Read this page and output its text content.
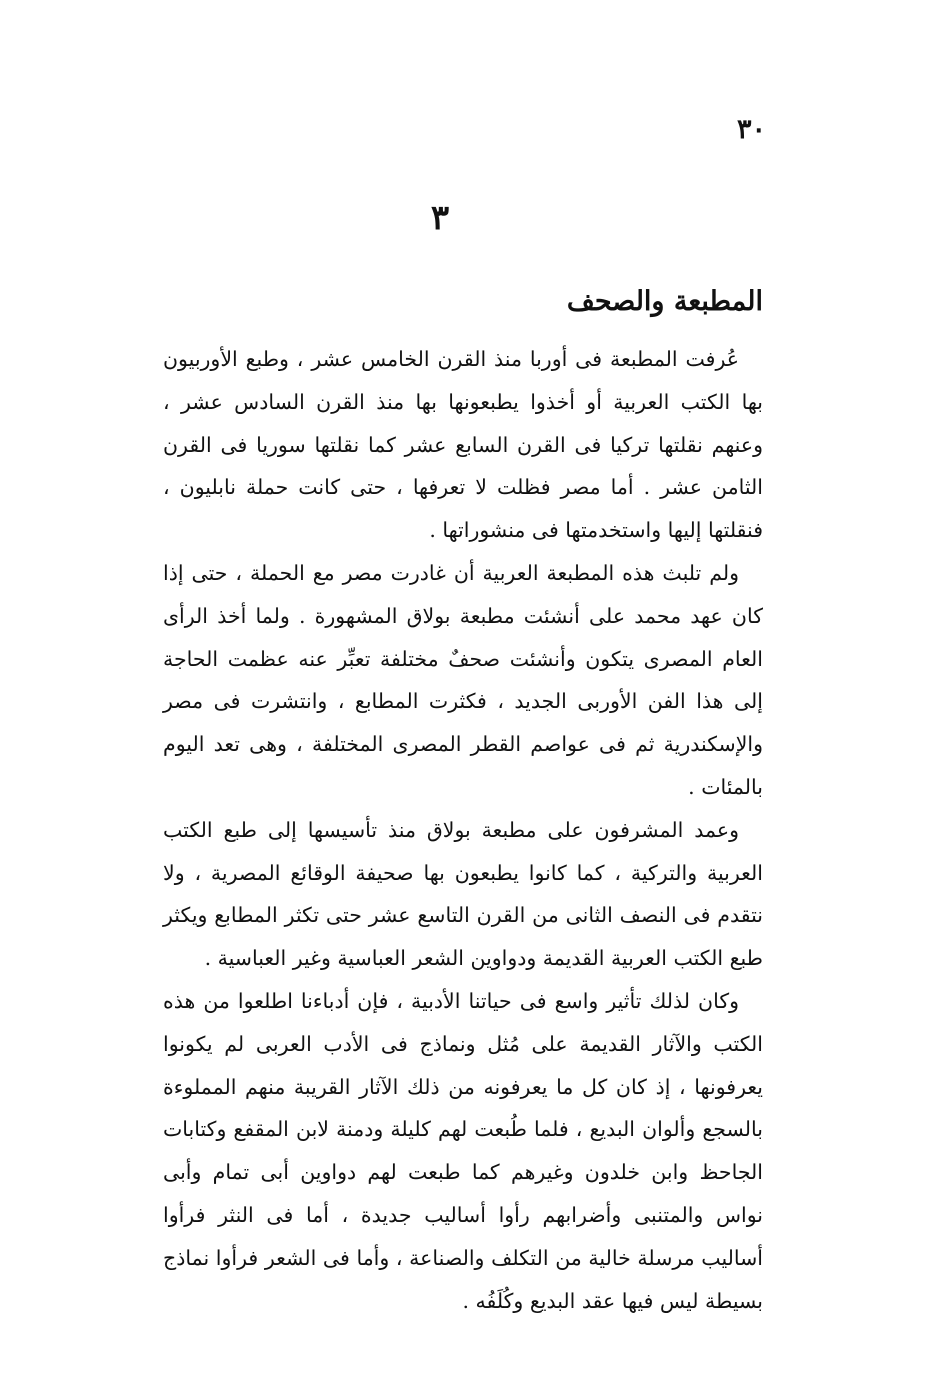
٣٠
٣
المطبعة والصحف

عُرفت المطبعة فى أوربا منذ القرن الخامس عشر ، وطبع الأوربيون بها الكتب العربية أو أخذوا يطبعونها بها منذ القرن السادس عشر ، وعنهم نقلتها تركيا فى القرن السابع عشر كما نقلتها سوريا فى القرن الثامن عشر . أما مصر فظلت لا تعرفها ، حتى كانت حملة نابليون ، فنقلتها إليها واستخدمتها فى منشوراتها .

ولم تلبث هذه المطبعة العربية أن غادرت مصر مع الحملة ، حتى إذا كان عهد محمد على أنشئت مطبعة بولاق المشهورة . ولما أخذ الرأى العام المصرى يتكون وأنشئت صحفٌ مختلفة تعبِّر عنه عظمت الحاجة إلى هذا الفن الأوربى الجديد ، فكثرت المطابع ، وانتشرت فى مصر والإسكندرية ثم فى عواصم القطر المصرى المختلفة ، وهى تعد اليوم بالمئات .

وعمد المشرفون على مطبعة بولاق منذ تأسيسها إلى طبع الكتب العربية والتركية ، كما كانوا يطبعون بها صحيفة الوقائع المصرية ، ولا نتقدم فى النصف الثانى من القرن التاسع عشر حتى تكثر المطابع ويكثر طبع الكتب العربية القديمة ودواوين الشعر العباسية وغير العباسية .

وكان لذلك تأثير واسع فى حياتنا الأدبية ، فإن أدباءنا اطلعوا من هذه الكتب والآثار القديمة على مُثل ونماذج فى الأدب العربى لم يكونوا يعرفونها ، إذ كان كل ما يعرفونه من ذلك الآثار القريبة منهم المملوءة بالسجع وألوان البديع ، فلما طُبعت لهم كليلة ودمنة لابن المقفع وكتابات الجاحظ وابن خلدون وغيرهم كما طبعت لهم دواوين أبى تمام وأبى نواس والمتنبى وأضرابهم رأوا أساليب جديدة ، أما فى النثر فرأوا أساليب مرسلة خالية من التكلف والصناعة ، وأما فى الشعر فرأوا نماذج بسيطة ليس فيها عقد البديع وكُلَفُه .
